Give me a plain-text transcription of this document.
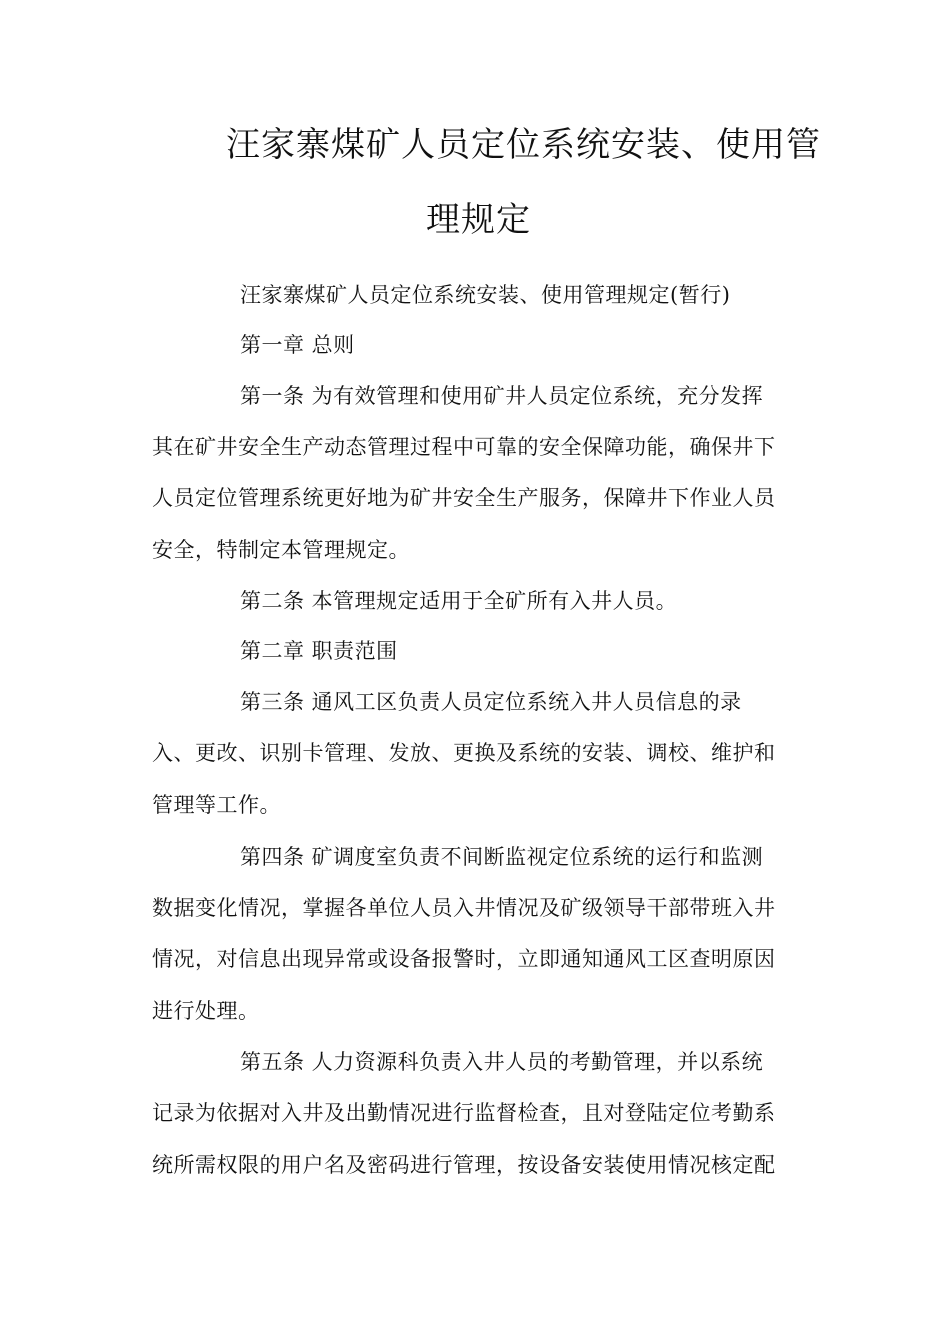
汪家寨煤矿人员定位系统安装、使用管
理规定
汪家寨煤矿人员定位系统安装、使用管理规定(暂行)
第一章 总则
第一条 为有效管理和使用矿井人员定位系统，充分发挥
其在矿井安全生产动态管理过程中可靠的安全保障功能，确保井下
人员定位管理系统更好地为矿井安全生产服务，保障井下作业人员
安全，特制定本管理规定。
第二条 本管理规定适用于全矿所有入井人员。
第二章 职责范围
第三条 通风工区负责人员定位系统入井人员信息的录
入、更改、识别卡管理、发放、更换及系统的安装、调校、维护和
管理等工作。
第四条 矿调度室负责不间断监视定位系统的运行和监测
数据变化情况，掌握各单位人员入井情况及矿级领导干部带班入井
情况，对信息出现异常或设备报警时，立即通知通风工区查明原因
进行处理。
第五条 人力资源科负责入井人员的考勤管理，并以系统
记录为依据对入井及出勤情况进行监督检查，且对登陆定位考勤系
统所需权限的用户名及密码进行管理，按设备安装使用情况核定配
